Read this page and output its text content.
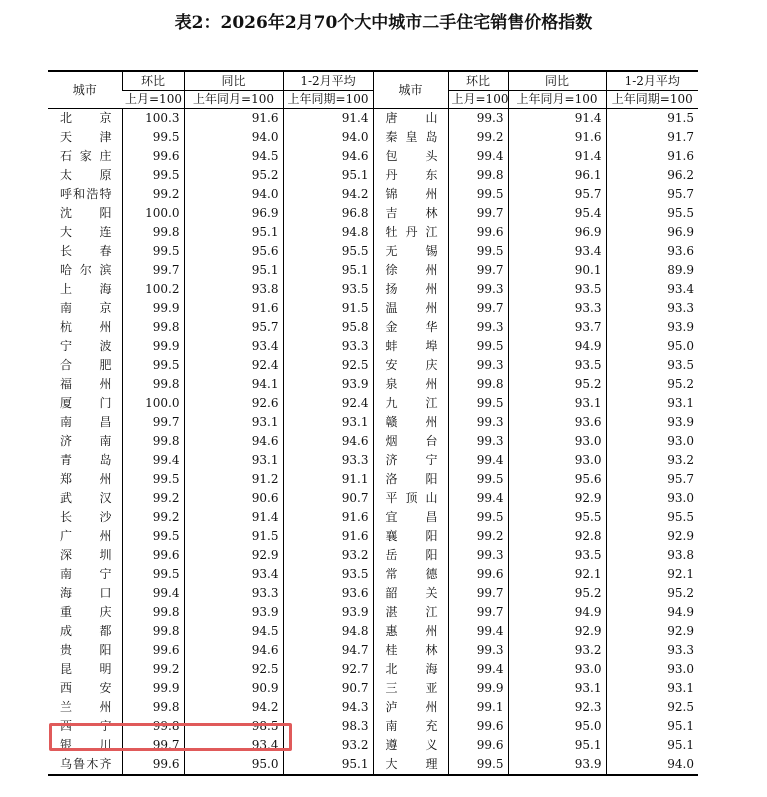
表2：2026年2月70个大中城市二手住宅销售价格指数
城市	环比	同比	1-2月平均	城市	环比	同比	1-2月平均
	上月=100	上年同月=100	上年同期=100		上月=100	上年同月=100	上年同期=100
北京	100.3	91.6	91.4	唐山	99.3	91.4	91.5
天津	99.5	94.0	94.0	秦皇岛	99.2	91.6	91.7
石家庄	99.6	94.5	94.6	包头	99.4	91.4	91.6
太原	99.5	95.2	95.1	丹东	99.8	96.1	96.2
呼和浩特	99.2	94.0	94.2	锦州	99.5	95.7	95.7
沈阳	100.0	96.9	96.8	吉林	99.7	95.4	95.5
大连	99.8	95.1	94.8	牡丹江	99.6	96.9	96.9
长春	99.5	95.6	95.5	无锡	99.5	93.4	93.6
哈尔滨	99.7	95.1	95.1	徐州	99.7	90.1	89.9
上海	100.2	93.8	93.5	扬州	99.3	93.5	93.4
南京	99.9	91.6	91.5	温州	99.7	93.3	93.3
杭州	99.8	95.7	95.8	金华	99.3	93.7	93.9
宁波	99.9	93.4	93.3	蚌埠	99.5	94.9	95.0
合肥	99.5	92.4	92.5	安庆	99.3	93.5	93.5
福州	99.8	94.1	93.9	泉州	99.8	95.2	95.2
厦门	100.0	92.6	92.4	九江	99.5	93.1	93.1
南昌	99.7	93.1	93.1	赣州	99.3	93.6	93.9
济南	99.8	94.6	94.6	烟台	99.3	93.0	93.0
青岛	99.4	93.1	93.3	济宁	99.4	93.0	93.2
郑州	99.5	91.2	91.1	洛阳	99.5	95.6	95.7
武汉	99.2	90.6	90.7	平顶山	99.4	92.9	93.0
长沙	99.2	91.4	91.6	宜昌	99.5	95.5	95.5
广州	99.5	91.5	91.6	襄阳	99.2	92.8	92.9
深圳	99.6	92.9	93.2	岳阳	99.3	93.5	93.8
南宁	99.5	93.4	93.5	常德	99.6	92.1	92.1
海口	99.4	93.3	93.6	韶关	99.7	95.2	95.2
重庆	99.8	93.9	93.9	湛江	99.7	94.9	94.9
成都	99.8	94.5	94.8	惠州	99.4	92.9	92.9
贵阳	99.6	94.6	94.7	桂林	99.3	93.2	93.3
昆明	99.2	92.5	92.7	北海	99.4	93.0	93.0
西安	99.9	90.9	90.7	三亚	99.9	93.1	93.1
兰州	99.8	94.2	94.3	泸州	99.1	92.3	92.5
西宁	99.8	98.5	98.3	南充	99.6	95.0	95.1
银川	99.7	93.4	93.2	遵义	99.6	95.1	95.1
乌鲁木齐	99.6	95.0	95.1	大理	99.5	93.9	94.0
